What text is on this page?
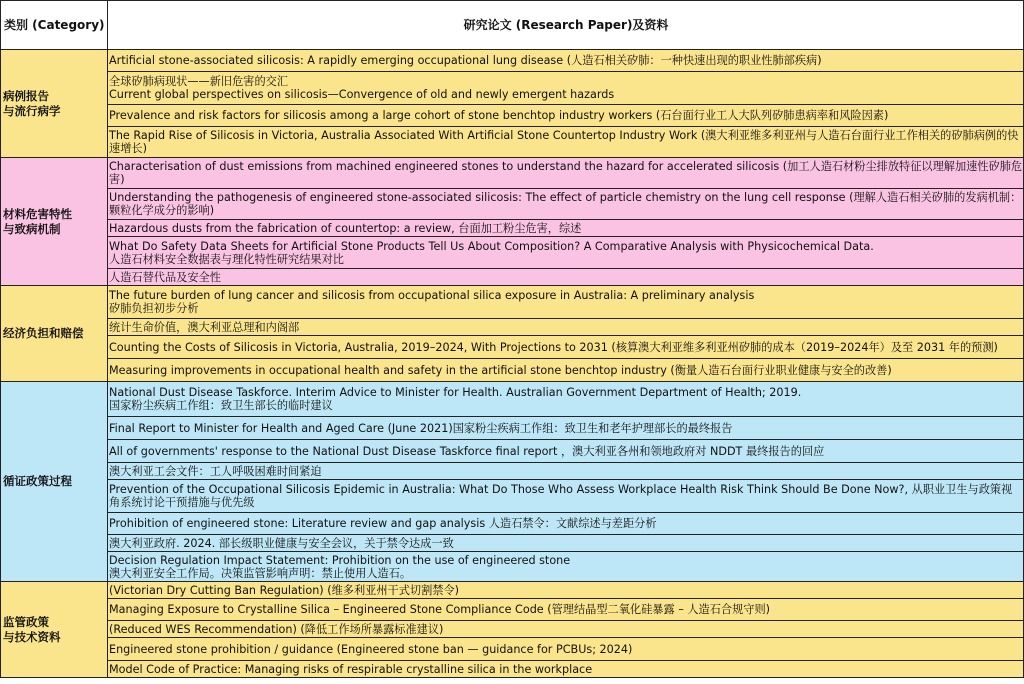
类别 (Category)	研究论文 (Research Paper)及资料
病例报告
与流行病学	Artificial stone-associated silicosis: A rapidly emerging occupational lung disease (人造石相关矽肺：一种快速出现的职业性肺部疾病)
	全球矽肺病现状——新旧危害的交汇
Current global perspectives on silicosis—Convergence of old and newly emergent hazards
	Prevalence and risk factors for silicosis among a large cohort of stone benchtop industry workers (石台面行业工人大队列矽肺患病率和风险因素)
	The Rapid Rise of Silicosis in Victoria, Australia Associated With Artificial Stone Countertop Industry Work (澳大利亚维多利亚州与人造石台面行业工作相关的矽肺病例的快速增长)
材料危害特性
与致病机制	Characterisation of dust emissions from machined engineered stones to understand the hazard for accelerated silicosis (加工人造石材粉尘排放特征以理解加速性矽肺危害)
	Understanding the pathogenesis of engineered stone-associated silicosis: The effect of particle chemistry on the lung cell response (理解人造石相关矽肺的发病机制：颗粒化学成分的影响)
	Hazardous dusts from the fabrication of countertop: a review, 台面加工粉尘危害，综述
	What Do Safety Data Sheets for Artificial Stone Products Tell Us About Composition? A Comparative Analysis with Physicochemical Data.
人造石材料安全数据表与理化特性研究结果对比
	人造石替代品及安全性
经济负担和赔偿	The future burden of lung cancer and silicosis from occupational silica exposure in Australia: A preliminary analysis
矽肺负担初步分析
	统计生命价值，澳大利亚总理和内阁部
	Counting the Costs of Silicosis in Victoria, Australia, 2019–2024, With Projections to 2031 (核算澳大利亚维多利亚州矽肺的成本（2019–2024年）及至 2031 年的预测)
	Measuring improvements in occupational health and safety in the artificial stone benchtop industry (衡量人造石台面行业职业健康与安全的改善)
循证政策过程	National Dust Disease Taskforce. Interim Advice to Minister for Health. Australian Government Department of Health; 2019.
国家粉尘疾病工作组：致卫生部长的临时建议
	Final Report to Minister for Health and Aged Care (June 2021)国家粉尘疾病工作组：致卫生和老年护理部长的最终报告
	All of governments' response to the National Dust Disease Taskforce final report ，澳大利亚各州和领地政府对 NDDT 最终报告的回应
	澳大利亚工会文件：工人呼吸困难时间紧迫
	Prevention of the Occupational Silicosis Epidemic in Australia: What Do Those Who Assess Workplace Health Risk Think Should Be Done Now?, 从职业卫生与政策视角系统讨论干预措施与优先级
	Prohibition of engineered stone: Literature review and gap analysis 人造石禁令：文献综述与差距分析
	澳大利亚政府. 2024. 部长级职业健康与安全会议，关于禁令达成一致
	Decision Regulation Impact Statement: Prohibition on the use of engineered stone
澳大利亚安全工作局。决策监管影响声明：禁止使用人造石。
监管政策
与技术资料	(Victorian Dry Cutting Ban Regulation) (维多利亚州干式切割禁令)
	Managing Exposure to Crystalline Silica – Engineered Stone Compliance Code (管理结晶型二氧化硅暴露 – 人造石合规守则)
	(Reduced WES Recommendation) (降低工作场所暴露标准建议)
	Engineered stone prohibition / guidance (Engineered stone ban — guidance for PCBUs; 2024)
	Model Code of Practice: Managing risks of respirable crystalline silica in the workplace
